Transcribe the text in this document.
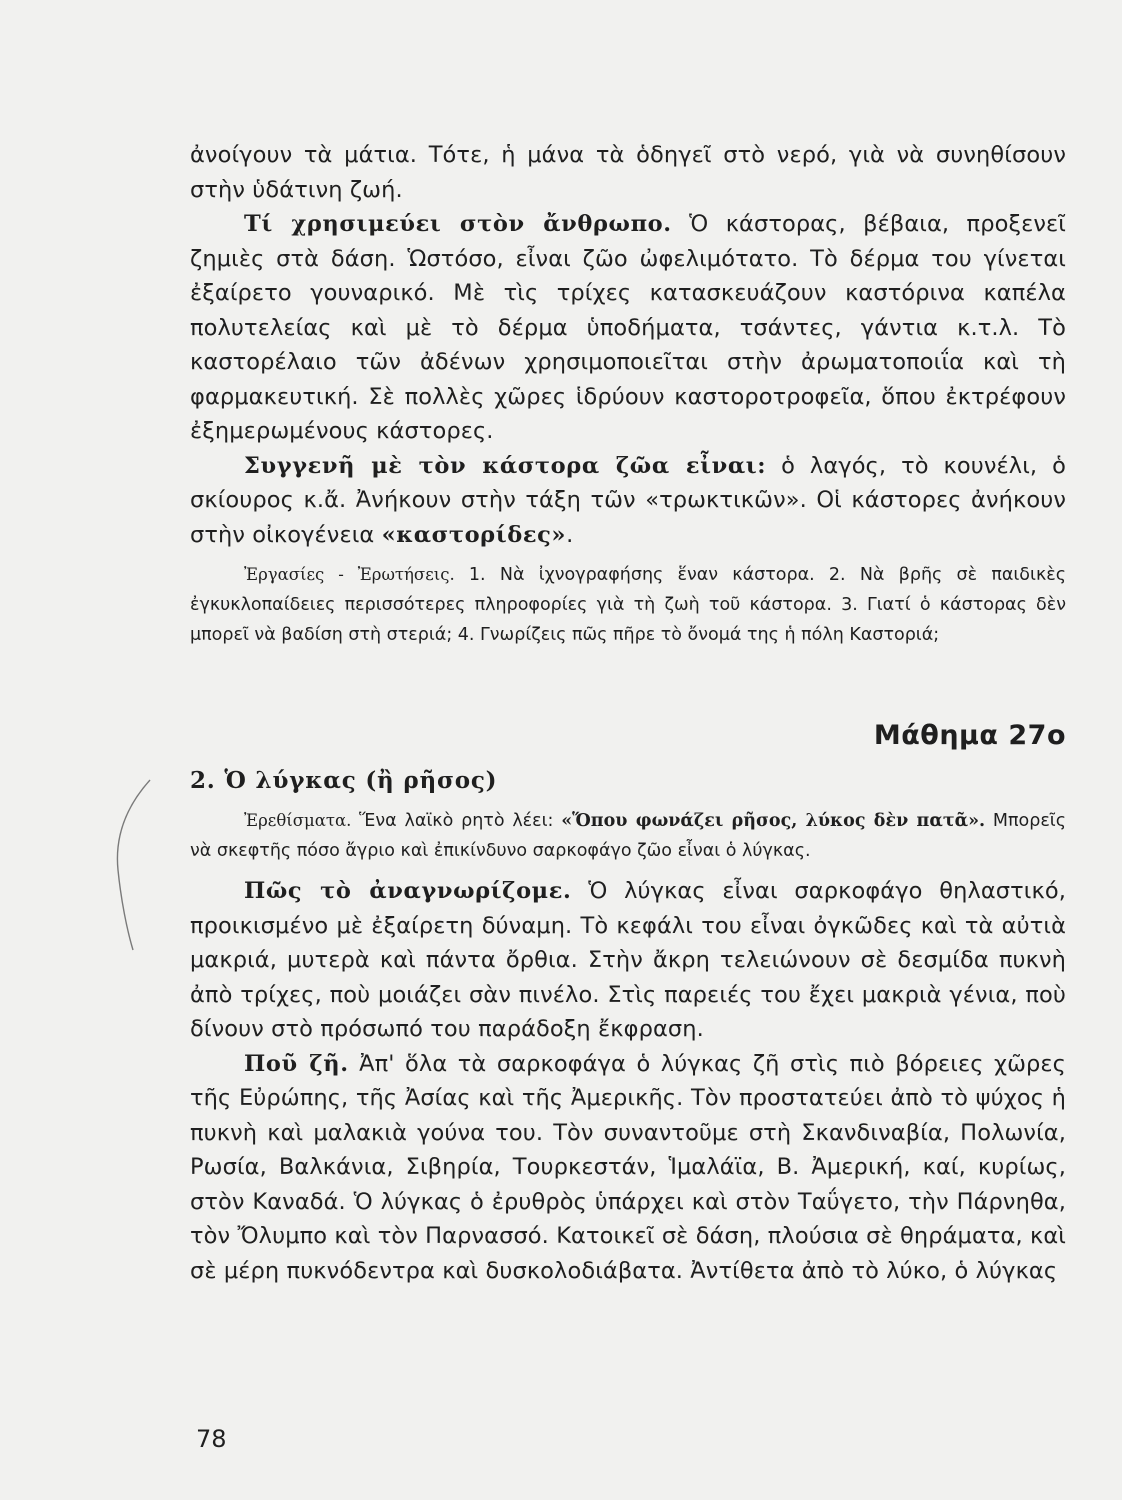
ἀνοίγουν τὰ μάτια. Τότε, ἡ μάνα τὰ ὁδηγεῖ στὸ νερό, γιὰ νὰ συνηθίσουν στὴν ὑδάτινη ζωή.

Τί χρησιμεύει στὸν ἄνθρωπο. Ὁ κάστορας, βέβαια, προξενεῖ ζημιὲς στὰ δάση. Ὡστόσο, εἶναι ζῶο ὠφελιμότατο. Τὸ δέρμα του γίνεται ἐξαίρετο γουναρικό. Μὲ τὶς τρίχες κατασκευάζουν καστόρινα καπέλα πολυτελείας καὶ μὲ τὸ δέρμα ὑποδήματα, τσάντες, γάντια κ.τ.λ. Τὸ καστορέλαιο τῶν ἀδένων χρησιμοποιεῖται στὴν ἀρωματοποιΐα καὶ τὴ φαρμακευτική. Σὲ πολλὲς χῶρες ἱδρύουν καστοροτροφεῖα, ὅπου ἐκτρέφουν ἐξημερωμένους κάστορες.

Συγγενῆ μὲ τὸν κάστορα ζῶα εἶναι: ὁ λαγός, τὸ κουνέλι, ὁ σκίουρος κ.ἄ. Ἀνήκουν στὴν τάξη τῶν «τρωκτικῶν». Οἱ κάστορες ἀνήκουν στὴν οἰκογένεια «καστορίδες».

Ἐργασίες - Ἐρωτήσεις. 1. Νὰ ἰχνογραφήσης ἕναν κάστορα. 2. Νὰ βρῆς σὲ παιδικὲς ἐγκυκλοπαίδειες περισσότερες πληροφορίες γιὰ τὴ ζωὴ τοῦ κάστορα. 3. Γιατί ὁ κάστορας δὲν μπορεῖ νὰ βαδίση στὴ στεριά; 4. Γνωρίζεις πῶς πῆρε τὸ ὄνομά της ἡ πόλη Καστοριά;

Μάθημα 27ο

2. Ὁ λύγκας (ἢ ρῆσος)

Ἐρεθίσματα. Ἕνα λαϊκὸ ρητὸ λέει: «Ὅπου φωνάζει ρῆσος, λύκος δὲν πατᾶ». Μπορεῖς νὰ σκεφτῆς πόσο ἄγριο καὶ ἐπικίνδυνο σαρκοφάγο ζῶο εἶναι ὁ λύγκας.

Πῶς τὸ ἀναγνωρίζομε. Ὁ λύγκας εἶναι σαρκοφάγο θηλαστικό, προικισμένο μὲ ἐξαίρετη δύναμη. Τὸ κεφάλι του εἶναι ὀγκῶδες καὶ τὰ αὐτιὰ μακριά, μυτερὰ καὶ πάντα ὄρθια. Στὴν ἄκρη τελειώνουν σὲ δεσμίδα πυκνὴ ἀπὸ τρίχες, ποὺ μοιάζει σὰν πινέλο. Στὶς παρειές του ἔχει μακριὰ γένια, ποὺ δίνουν στὸ πρόσωπό του παράδοξη ἔκφραση.

Ποῦ ζῆ. Ἀπ' ὅλα τὰ σαρκοφάγα ὁ λύγκας ζῆ στὶς πιὸ βόρειες χῶρες τῆς Εὐρώπης, τῆς Ἀσίας καὶ τῆς Ἀμερικῆς. Τὸν προστατεύει ἀπὸ τὸ ψύχος ἡ πυκνὴ καὶ μαλακιὰ γούνα του. Τὸν συναντοῦμε στὴ Σκανδιναβία, Πολωνία, Ρωσία, Βαλκάνια, Σιβηρία, Τουρκεστάν, Ἱμαλάϊα, Β. Ἀμερική, καί, κυρίως, στὸν Καναδά. Ὁ λύγκας ὁ ἐρυθρὸς ὑπάρχει καὶ στὸν Ταΰγετο, τὴν Πάρνηθα, τὸν Ὄλυμπο καὶ τὸν Παρνασσό. Κατοικεῖ σὲ δάση, πλούσια σὲ θηράματα, καὶ σὲ μέρη πυκνόδεντρα καὶ δυσκολοδιάβατα. Ἀντίθετα ἀπὸ τὸ λύκο, ὁ λύγκας

78
